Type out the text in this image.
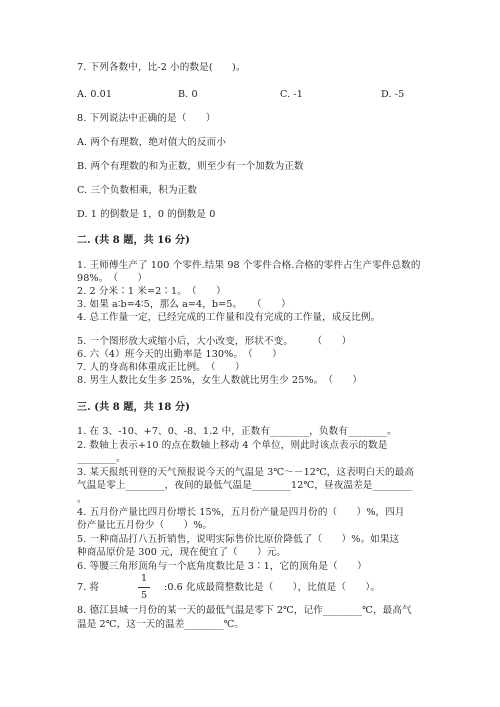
7. 下列各数中，比-2 小的数是(　　)。
A. 0.01	B. 0	C. -1	D. -5
8. 下列说法中正确的是（　　）
A. 两个有理数，绝对值大的反而小
B. 两个有理数的和为正数，则至少有一个加数为正数
C. 三个负数相乘，积为正数
D. 1 的倒数是 1，0 的倒数是 0
二. (共 8 题，共 16 分)
1. 王师傅生产了 100 个零件.结果 98 个零件合格.合格的零件占生产零件总数的
98%。　（　　）
2. 2 分米∶1 米=2∶1。　（　　）
3. 如果 a∶b=4∶5，那么 a=4，b=5。　　（　　）
4. 总工作量一定，已经完成的工作量和没有完成的工作量，成反比例。
5. 一个图形放大或缩小后，大小改变，形状不变。　　　（　　）
6. 六（4）班今天的出勤率是 130%。　（　　）
7. 人的身高和体重成正比例。　（　　）
8. 男生人数比女生多 25%，女生人数就比男生少 25%。　（　　）
三. (共 8 题，共 18 分)
1. 在 3、-10、+7、0、-8、1.2 中，正数有________，负数有________。
2. 数轴上表示+10 的点在数轴上移动 4 个单位，则此时该点表示的数是
________。
3. 某天报纸刊登的天气预报说今天的气温是 3℃～－12℃，这表明白天的最高
气温是零上________，夜间的最低气温是________12℃，昼夜温差是________
。
4. 五月份产量比四月份增长 15%，五月份产量是四月份的（　　）%，四月
份产量比五月份少（　　）%。
5. 一种商品打八五折销售，说明实际售价比原价降低了（　　）%。如果这
种商品原价是 300 元，现在便宜了（　　）元。
6. 等腰三角形顶角与一个底角度数比是 3∶1，它的顶角是（　　）
7. 将
1
5
:0.6 化成最简整数比是（　　），比值是（　　）。
8. 德江县城一月份的某一天的最低气温是零下 2℃，记作________℃，最高气
温是 2℃，这一天的温差________℃。
